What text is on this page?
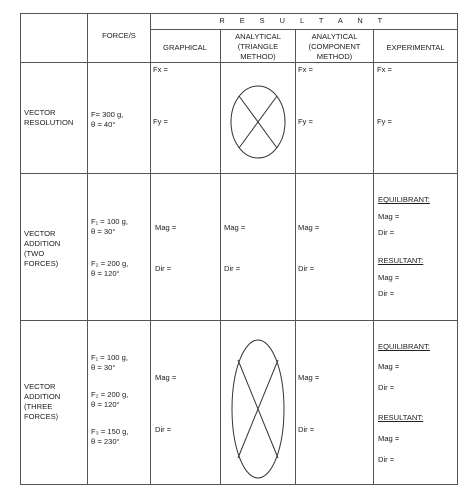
FORCE/S
R E S U L T A N T
GRAPHICAL
ANALYTICAL
(TRIANGLE
METHOD)
ANALYTICAL
(COMPONENT
METHOD)
EXPERIMENTAL
VECTOR
RESOLUTION
F= 300 g,
θ = 40°
Fx =
Fy =
Fx =
Fy =
Fx =
Fy =
VECTOR
ADDITION
(TWO
FORCES)
F₁ = 100 g,
θ = 30°
F₂ = 200 g,
θ = 120°
Mag =
Dir =
Mag =
Dir =
Mag =
Dir =
EQUILIBRANT:
Mag =
Dir =
RESULTANT:
Mag =
Dir =
VECTOR
ADDITION
(THREE
FORCES)
F₁ = 100 g,
θ = 30°
F₂ = 200 g,
θ = 120°
F₃ = 150 g,
θ = 230°
Mag =
Dir =
Mag =
Dir =
EQUILIBRANT:
Mag =
Dir =
RESULTANT:
Mag =
Dir =
